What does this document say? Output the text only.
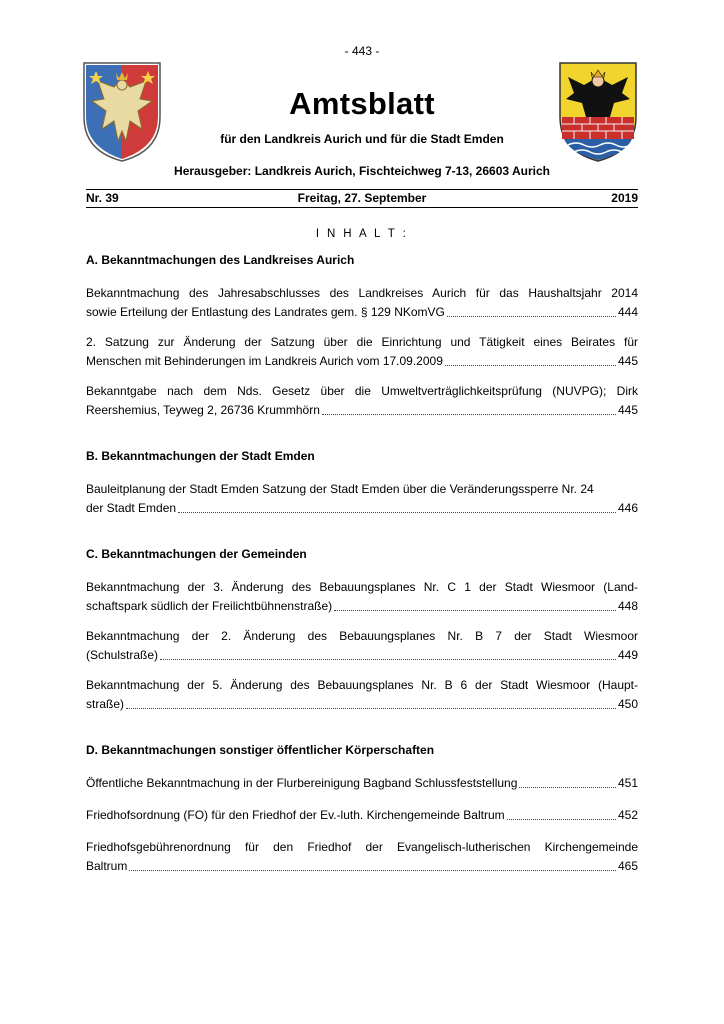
- 443 -
Amtsblatt
für den Landkreis Aurich und für die Stadt Emden
Herausgeber: Landkreis Aurich, Fischteichweg 7-13, 26603 Aurich
Freitag, 27. September
Nr. 39	2019
I N H A L T :
A. Bekanntmachungen des Landkreises Aurich
Bekanntmachung des Jahresabschlusses des Landkreises Aurich für das Haushaltsjahr 2014
sowie Erteilung der Entlastung des Landrates gem. § 129 NKomVG	444
2. Satzung zur Änderung der Satzung über die Einrichtung und Tätigkeit eines Beirates für
Menschen mit Behinderungen im Landkreis Aurich vom 17.09.2009	445
Bekanntgabe nach dem Nds. Gesetz über die Umweltverträglichkeitsprüfung (NUVPG); Dirk
Reershemius, Teyweg 2, 26736 Krummhörn	445
B. Bekanntmachungen der Stadt Emden
Bauleitplanung der Stadt Emden Satzung der Stadt Emden über die Veränderungssperre Nr. 24
der Stadt Emden	446
C. Bekanntmachungen der Gemeinden
Bekanntmachung der 3. Änderung des Bebauungsplanes Nr. C 1 der Stadt Wiesmoor (Land-
schaftspark südlich der Freilichtbühnenstraße)	448
Bekanntmachung der 2. Änderung des Bebauungsplanes Nr. B 7 der Stadt Wiesmoor
(Schulstraße)	449
Bekanntmachung der 5. Änderung des Bebauungsplanes Nr. B 6 der Stadt Wiesmoor (Haupt-
straße)	450
D. Bekanntmachungen sonstiger öffentlicher Körperschaften
Öffentliche Bekanntmachung in der Flurbereinigung Bagband Schlussfeststellung	451
Friedhofsordnung (FO) für den Friedhof der Ev.-luth. Kirchengemeinde Baltrum	452
Friedhofsgebührenordnung für den Friedhof der Evangelisch-lutherischen Kirchengemeinde
Baltrum	465
